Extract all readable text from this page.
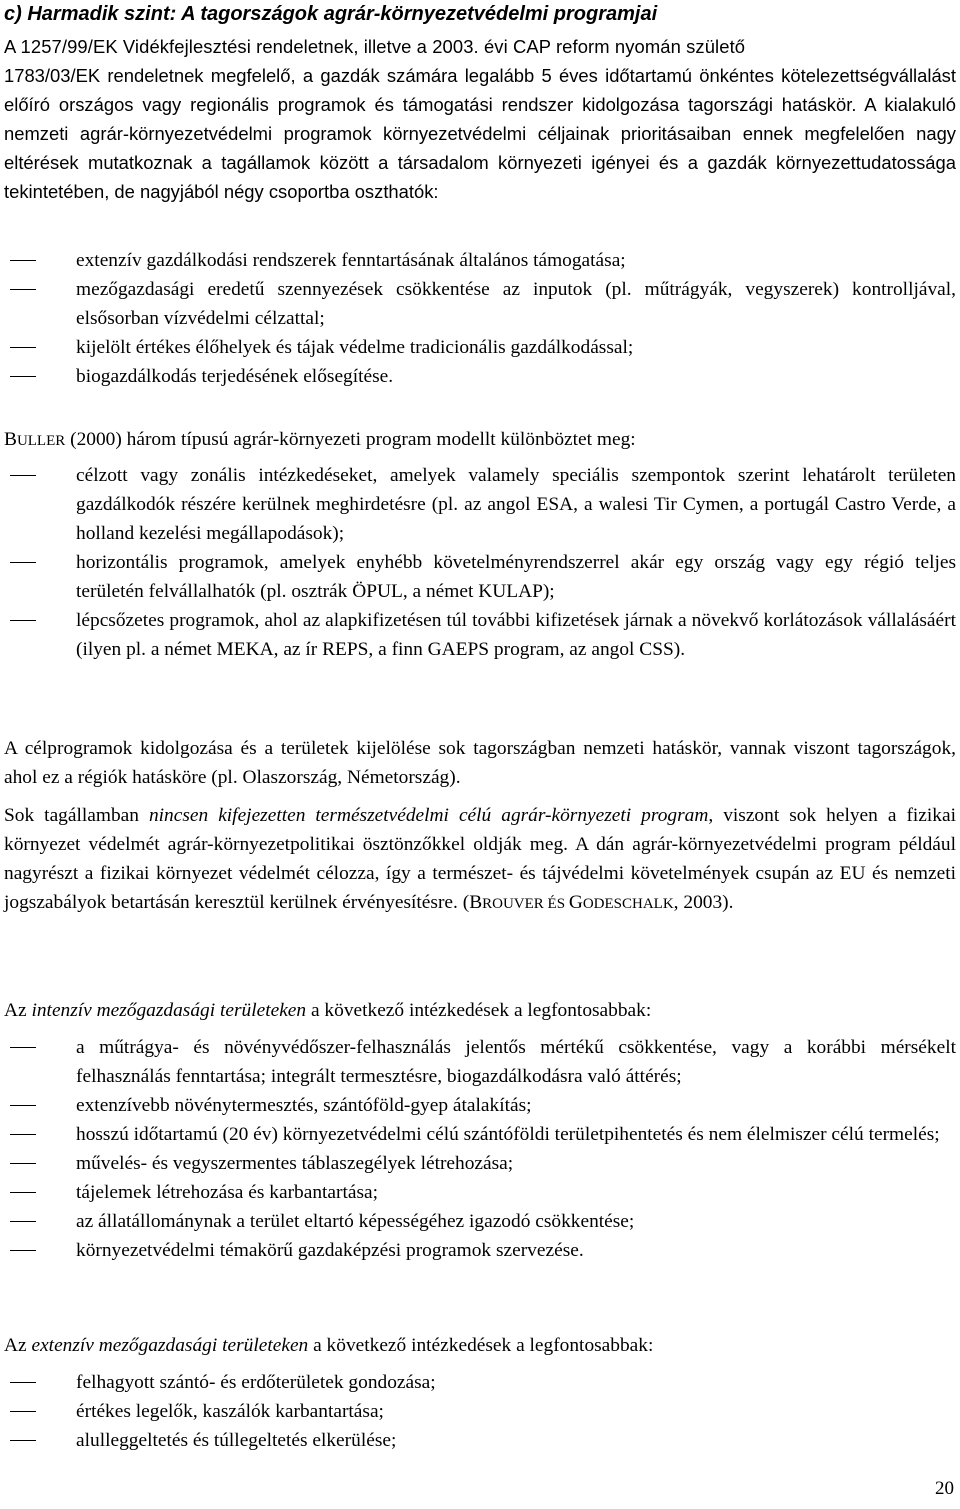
c) Harmadik szint: A tagországok agrár-környezetvédelmi programjai
A 1257/99/EK Vidékfejlesztési rendeletnek, illetve a 2003. évi CAP reform nyomán születő
1783/03/EK rendeletnek megfelelő, a gazdák számára legalább 5 éves időtartamú önkéntes kötelezettségvállalást előíró országos vagy regionális programok és támogatási rendszer kidolgozása tagországi hatáskör. A kialakuló nemzeti agrár-környezetvédelmi programok környezetvédelmi céljainak prioritásaiban ennek megfelelően nagy eltérések mutatkoznak a tagállamok között a társadalom környezeti igényei és a gazdák környezettudatossága tekintetében, de nagyjából négy csoportba oszthatók:
extenzív gazdálkodási rendszerek fenntartásának általános támogatása;
mezőgazdasági eredetű szennyezések csökkentése az inputok (pl. műtrágyák, vegyszerek) kontrolljával, elsősorban vízvédelmi célzattal;
kijelölt értékes élőhelyek és tájak védelme tradicionális gazdálkodással;
biogazdálkodás terjedésének elősegítése.
BULLER (2000) három típusú agrár-környezeti program modellt különböztet meg:
célzott vagy zonális intézkedéseket, amelyek valamely speciális szempontok szerint lehatárolt területen gazdálkodók részére kerülnek meghirdetésre (pl. az angol ESA, a walesi Tir Cymen, a portugál Castro Verde, a holland kezelési megállapodások);
horizontális programok, amelyek enyhébb követelményrendszerrel akár egy ország vagy egy régió teljes területén felvállalhatók (pl. osztrák ÖPUL, a német KULAP);
lépcsőzetes programok, ahol az alapkifizetésen túl további kifizetések járnak a növekvő korlátozások vállalásáért (ilyen pl. a német MEKA, az ír REPS, a finn GAEPS program, az angol CSS).
A célprogramok kidolgozása és a területek kijelölése sok tagországban nemzeti hatáskör, vannak viszont tagországok, ahol ez a régiók hatásköre (pl. Olaszország, Németország).
Sok tagállamban nincsen kifejezetten természetvédelmi célú agrár-környezeti program, viszont sok helyen a fizikai környezet védelmét agrár-környezetpolitikai ösztönzőkkel oldják meg. A dán agrár-környezetvédelmi program például nagyrészt a fizikai környezet védelmét célozza, így a természet- és tájvédelmi követelmények csupán az EU és nemzeti jogszabályok betartásán keresztül kerülnek érvényesítésre. (BROUVER ÉS GODESCHALK, 2003).
Az intenzív mezőgazdasági területeken a következő intézkedések a legfontosabbak:
a műtrágya- és növényvédőszer-felhasználás jelentős mértékű csökkentése, vagy a korábbi mérsékelt felhasználás fenntartása; integrált termesztésre, biogazdálkodásra való áttérés;
extenzívebb növénytermesztés, szántóföld-gyep átalakítás;
hosszú időtartamú (20 év) környezetvédelmi célú szántóföldi területpihentetés és nem élelmiszer célú termelés;
művelés- és vegyszermentes táblaszegélyek létrehozása;
tájelemek létrehozása és karbantartása;
az állatállománynak a terület eltartó képességéhez igazodó csökkentése;
környezetvédelmi témakörű gazdaképzési programok szervezése.
Az extenzív mezőgazdasági területeken a következő intézkedések a legfontosabbak:
felhagyott szántó- és erdőterületek gondozása;
értékes legelők, kaszálók karbantartása;
alulleggeltetés és túllegeltetés elkerülése;
20
